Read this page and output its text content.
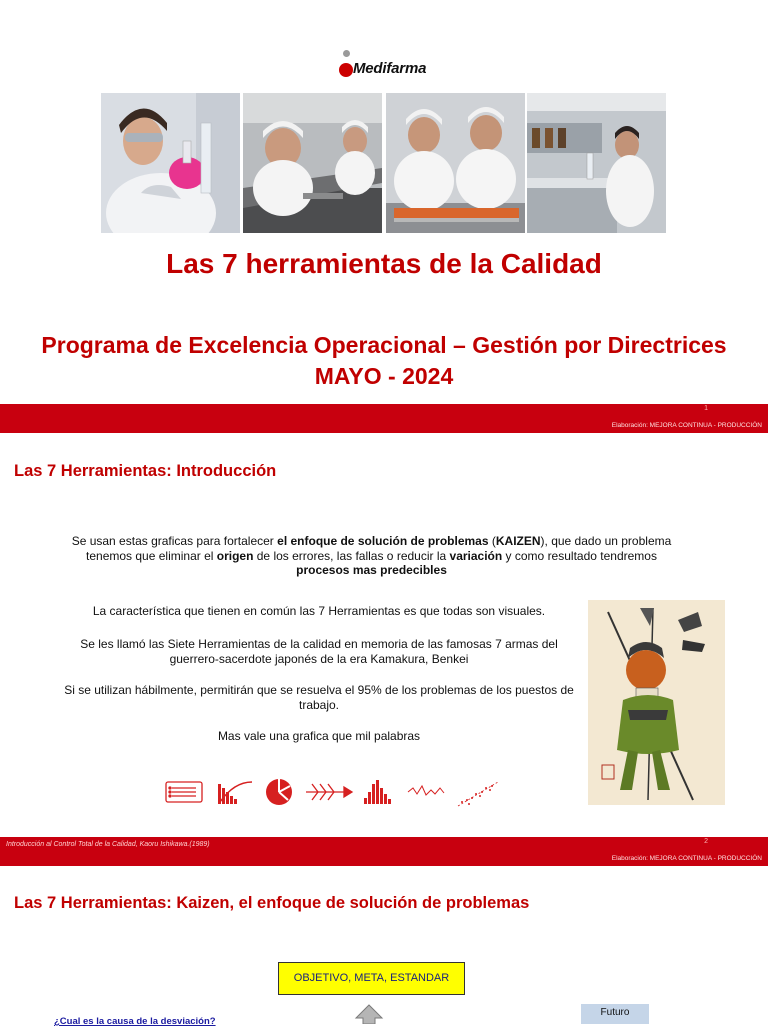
Medifarma
Las 7 herramientas de la Calidad
Programa de Excelencia Operacional – Gestión por Directrices
MAYO - 2024
1
Elaboración: MEJORA CONTINUA - PRODUCCIÓN
Las 7 Herramientas: Introducción
Se usan estas graficas para fortalecer el enfoque de solución de problemas (KAIZEN), que dado un problema tenemos que eliminar el origen de los errores, las fallas o reducir la variación y como resultado tendremos procesos mas predecibles
La característica que tienen en común las 7 Herramientas es que todas son visuales.
Se les llamó las Siete Herramientas de la calidad en memoria de las famosas 7 armas del guerrero-sacerdote japonés de la era Kamakura, Benkei
Si se utilizan hábilmente, permitirán que se resuelva el 95% de los problemas de los puestos de trabajo.
Mas vale una grafica que mil palabras
Introducción al Control Total de la Calidad, Kaoru Ishikawa.(1989)	2
Elaboración: MEJORA CONTINUA - PRODUCCIÓN
Las 7 Herramientas: Kaizen, el enfoque de solución de problemas
OBJETIVO, META, ESTANDAR
Futuro
¿Cual es la causa de la desviación?
